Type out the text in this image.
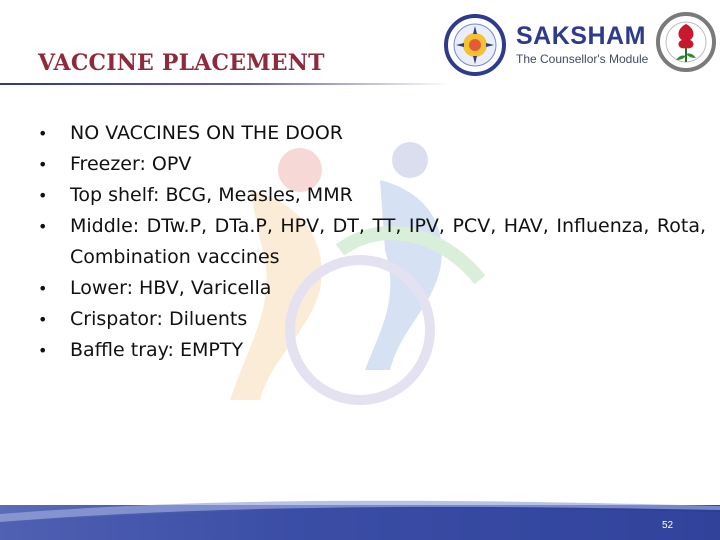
SAKSHAM
The Counsellor's Module
VACCINE PLACEMENT
• NO VACCINES ON THE DOOR
• Freezer: OPV
• Top shelf: BCG, Measles, MMR
• Middle: DTw.P, DTa.P, HPV, DT, TT, IPV, PCV, HAV, Influenza, Rota, Combination vaccines
• Lower: HBV, Varicella
• Crispator: Diluents
• Baffle tray: EMPTY
52
